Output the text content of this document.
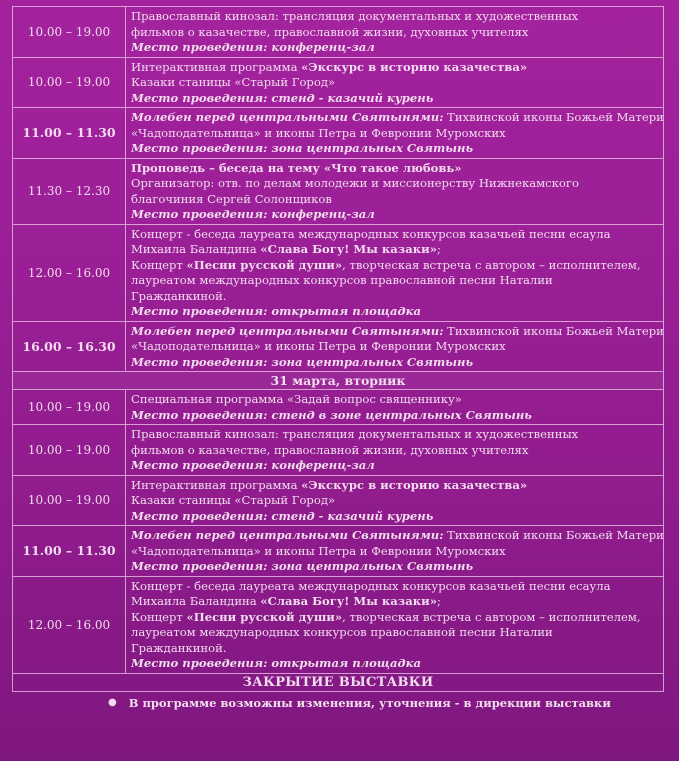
10.00 – 19.00
Православный кинозал: трансляция документальных и художественных
фильмов о казачестве, православной жизни, духовных учителях
Место проведения: конференц-зал
10.00 – 19.00
Интерактивная программа «Экскурс в историю казачества»
Казаки станицы «Старый Город»
Место проведения: стенд - казачий курень
11.00 – 11.30
Молебен перед центральными Святынями: Тихвинской иконы Божьей Матери
«Чадоподательница» и иконы Петра и Февронии Муромских
Место проведения: зона центральных Святынь
11.30 – 12.30
Проповедь – беседа на тему «Что такое любовь»
Организатор: отв. по делам молодежи и миссионерству Нижнекамского
благочиния Сергей Солонщиков
Место проведения: конференц-зал
12.00 – 16.00
Концерт - беседа лауреата международных конкурсов казачьей песни есаула
Михаила Баландина «Слава Богу! Мы казаки»;
Концерт «Песни русской души», творческая встреча с автором – исполнителем,
лауреатом международных конкурсов православной песни Наталии
Гражданкиной.
Место проведения: открытая площадка
16.00 – 16.30
Молебен перед центральными Святынями: Тихвинской иконы Божьей Матери
«Чадоподательница» и иконы Петра и Февронии Муромских
Место проведения: зона центральных Святынь
31 марта, вторник
10.00 – 19.00
Специальная программа «Задай вопрос священнику»
Место проведения: стенд в зоне центральных Святынь
10.00 – 19.00
Православный кинозал: трансляция документальных и художественных
фильмов о казачестве, православной жизни, духовных учителях
Место проведения: конференц-зал
10.00 – 19.00
Интерактивная программа «Экскурс в историю казачества»
Казаки станицы «Старый Город»
Место проведения: стенд - казачий курень
11.00 – 11.30
Молебен перед центральными Святынями: Тихвинской иконы Божьей Матери
«Чадоподательница» и иконы Петра и Февронии Муромских
Место проведения: зона центральных Святынь
12.00 – 16.00
Концерт - беседа лауреата международных конкурсов казачьей песни есаула
Михаила Баландина «Слава Богу! Мы казаки»;
Концерт «Песни русской души», творческая встреча с автором – исполнителем,
лауреатом международных конкурсов православной песни Наталии
Гражданкиной.
Место проведения: открытая площадка
ЗАКРЫТИЕ ВЫСТАВКИ
● В программе возможны изменения, уточнения - в дирекции выставки
